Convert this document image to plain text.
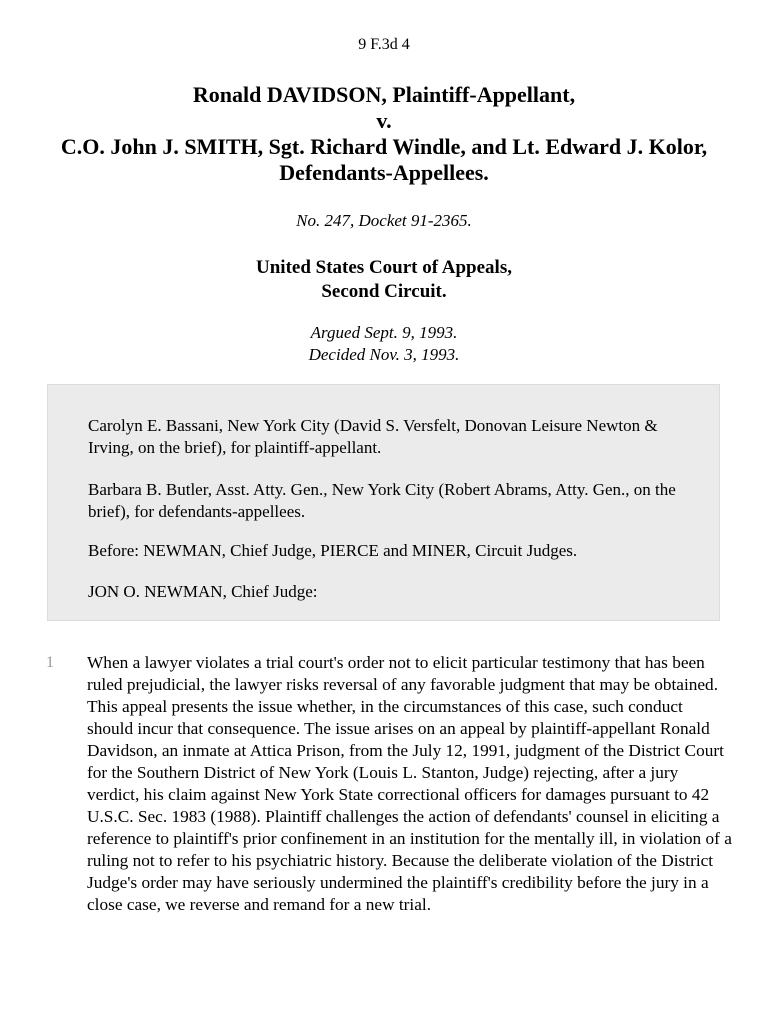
9 F.3d 4
Ronald DAVIDSON, Plaintiff-Appellant,
v.
C.O. John J. SMITH, Sgt. Richard Windle, and Lt. Edward J. Kolor, Defendants-Appellees.
No. 247, Docket 91-2365.
United States Court of Appeals,
Second Circuit.
Argued Sept. 9, 1993.
Decided Nov. 3, 1993.

Carolyn E. Bassani, New York City (David S. Versfelt, Donovan Leisure Newton & Irving, on the brief), for plaintiff-appellant.

Barbara B. Butler, Asst. Atty. Gen., New York City (Robert Abrams, Atty. Gen., on the brief), for defendants-appellees.

Before: NEWMAN, Chief Judge, PIERCE and MINER, Circuit Judges.

JON O. NEWMAN, Chief Judge:

1 When a lawyer violates a trial court's order not to elicit particular testimony that has been ruled prejudicial, the lawyer risks reversal of any favorable judgment that may be obtained. This appeal presents the issue whether, in the circumstances of this case, such conduct should incur that consequence. The issue arises on an appeal by plaintiff-appellant Ronald Davidson, an inmate at Attica Prison, from the July 12, 1991, judgment of the District Court for the Southern District of New York (Louis L. Stanton, Judge) rejecting, after a jury verdict, his claim against New York State correctional officers for damages pursuant to 42 U.S.C. Sec. 1983 (1988). Plaintiff challenges the action of defendants' counsel in eliciting a reference to plaintiff's prior confinement in an institution for the mentally ill, in violation of a ruling not to refer to his psychiatric history. Because the deliberate violation of the District Judge's order may have seriously undermined the plaintiff's credibility before the jury in a close case, we reverse and remand for a new trial.
